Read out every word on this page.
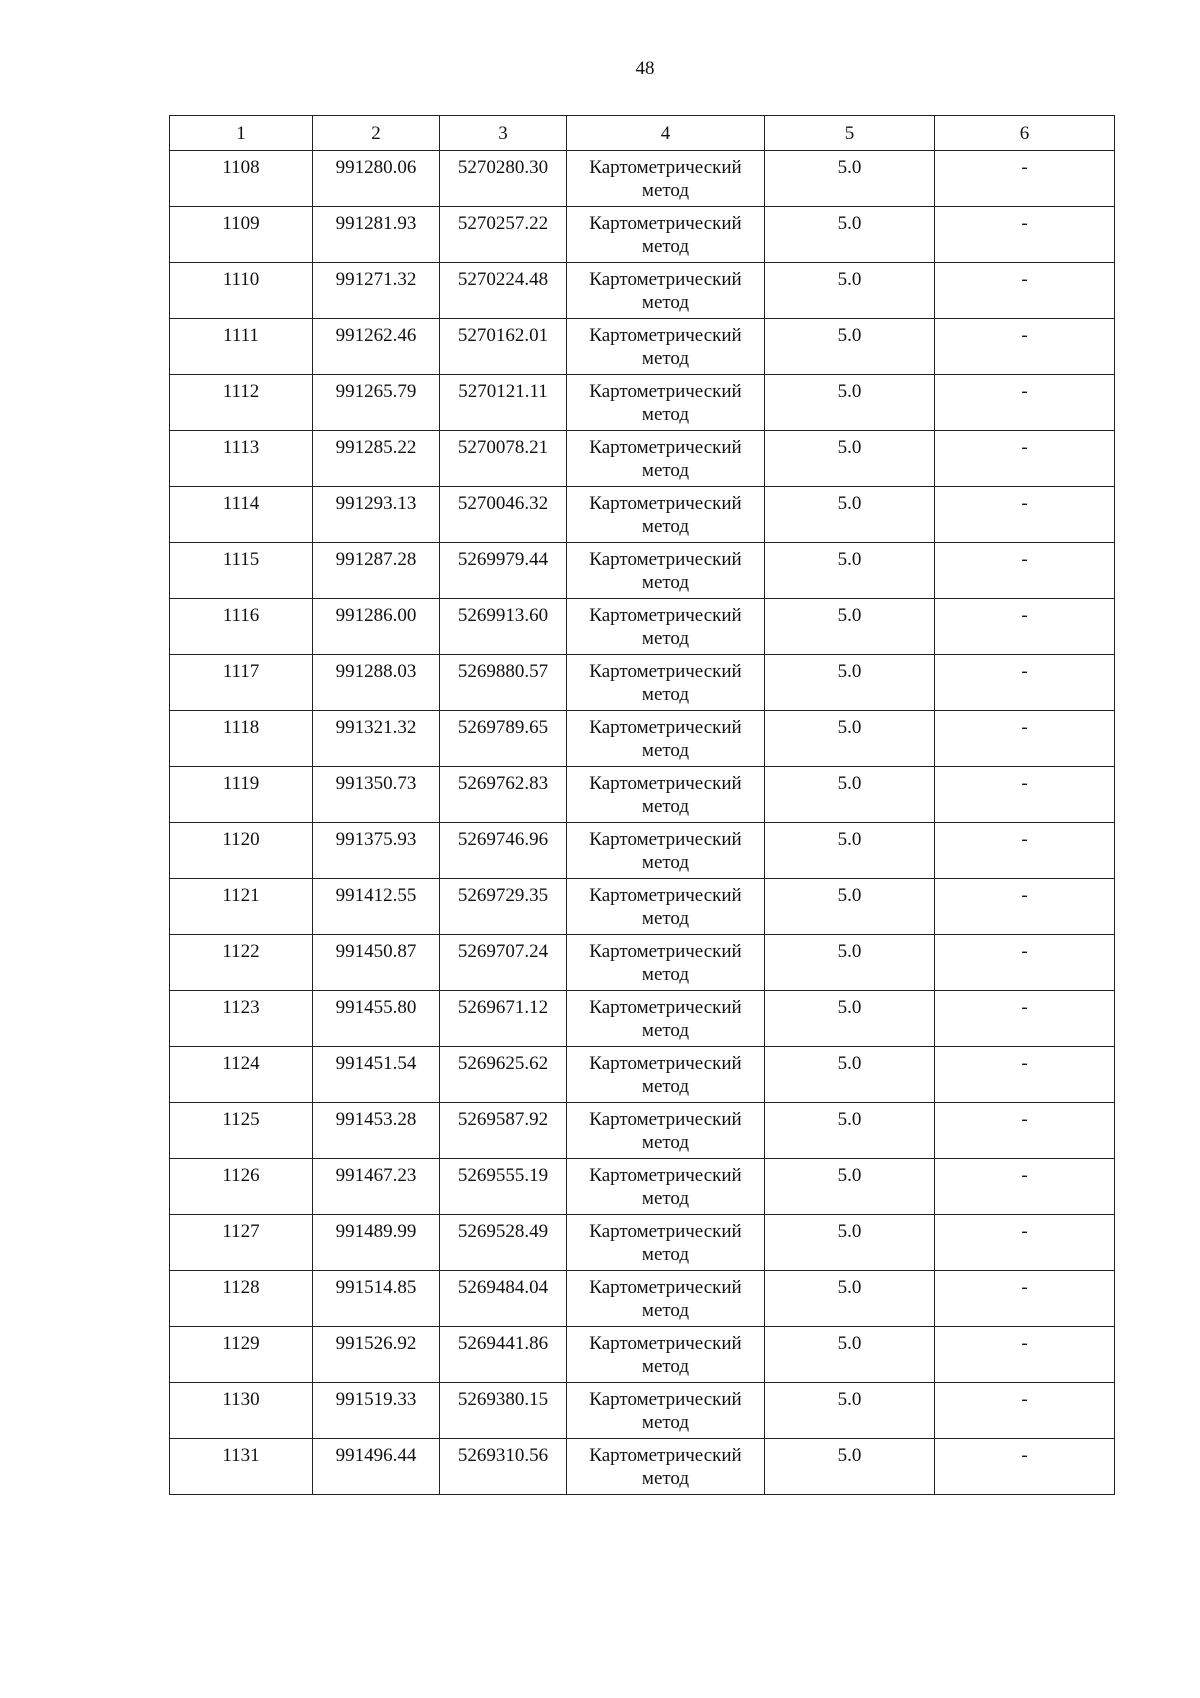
48
1	2	3	4	5	6
1108	991280.06	5270280.30	Картометрический метод	5.0	-
1109	991281.93	5270257.22	Картометрический метод	5.0	-
1110	991271.32	5270224.48	Картометрический метод	5.0	-
1111	991262.46	5270162.01	Картометрический метод	5.0	-
1112	991265.79	5270121.11	Картометрический метод	5.0	-
1113	991285.22	5270078.21	Картометрический метод	5.0	-
1114	991293.13	5270046.32	Картометрический метод	5.0	-
1115	991287.28	5269979.44	Картометрический метод	5.0	-
1116	991286.00	5269913.60	Картометрический метод	5.0	-
1117	991288.03	5269880.57	Картометрический метод	5.0	-
1118	991321.32	5269789.65	Картометрический метод	5.0	-
1119	991350.73	5269762.83	Картометрический метод	5.0	-
1120	991375.93	5269746.96	Картометрический метод	5.0	-
1121	991412.55	5269729.35	Картометрический метод	5.0	-
1122	991450.87	5269707.24	Картометрический метод	5.0	-
1123	991455.80	5269671.12	Картометрический метод	5.0	-
1124	991451.54	5269625.62	Картометрический метод	5.0	-
1125	991453.28	5269587.92	Картометрический метод	5.0	-
1126	991467.23	5269555.19	Картометрический метод	5.0	-
1127	991489.99	5269528.49	Картометрический метод	5.0	-
1128	991514.85	5269484.04	Картометрический метод	5.0	-
1129	991526.92	5269441.86	Картометрический метод	5.0	-
1130	991519.33	5269380.15	Картометрический метод	5.0	-
1131	991496.44	5269310.56	Картометрический метод	5.0	-
